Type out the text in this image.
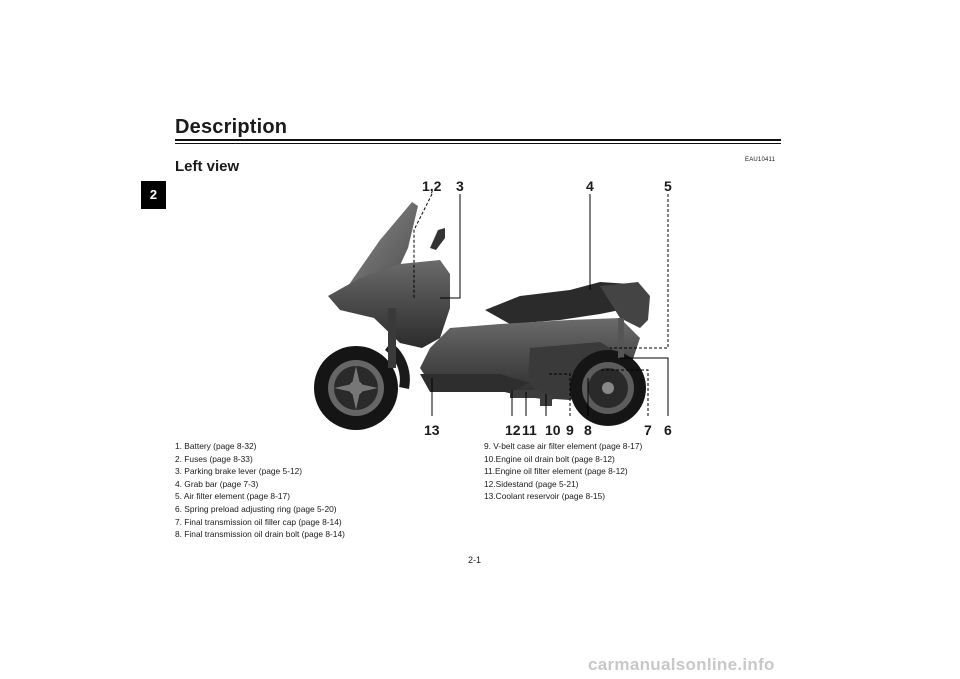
Description
2
Left view	EAU10411
1,2 3	4	5
13	12 11 10 9 8	7 6
1. Battery (page 8-32)
2. Fuses (page 8-33)
3. Parking brake lever (page 5-12)
4. Grab bar (page 7-3)
5. Air filter element (page 8-17)
6. Spring preload adjusting ring (page 5-20)
7. Final transmission oil filler cap (page 8-14)
8. Final transmission oil drain bolt (page 8-14)
9. V-belt case air filter element (page 8-17)
10.Engine oil drain bolt (page 8-12)
11.Engine oil filter element (page 8-12)
12.Sidestand (page 5-21)
13.Coolant reservoir (page 8-15)
2-1
carmanualsonline.info
